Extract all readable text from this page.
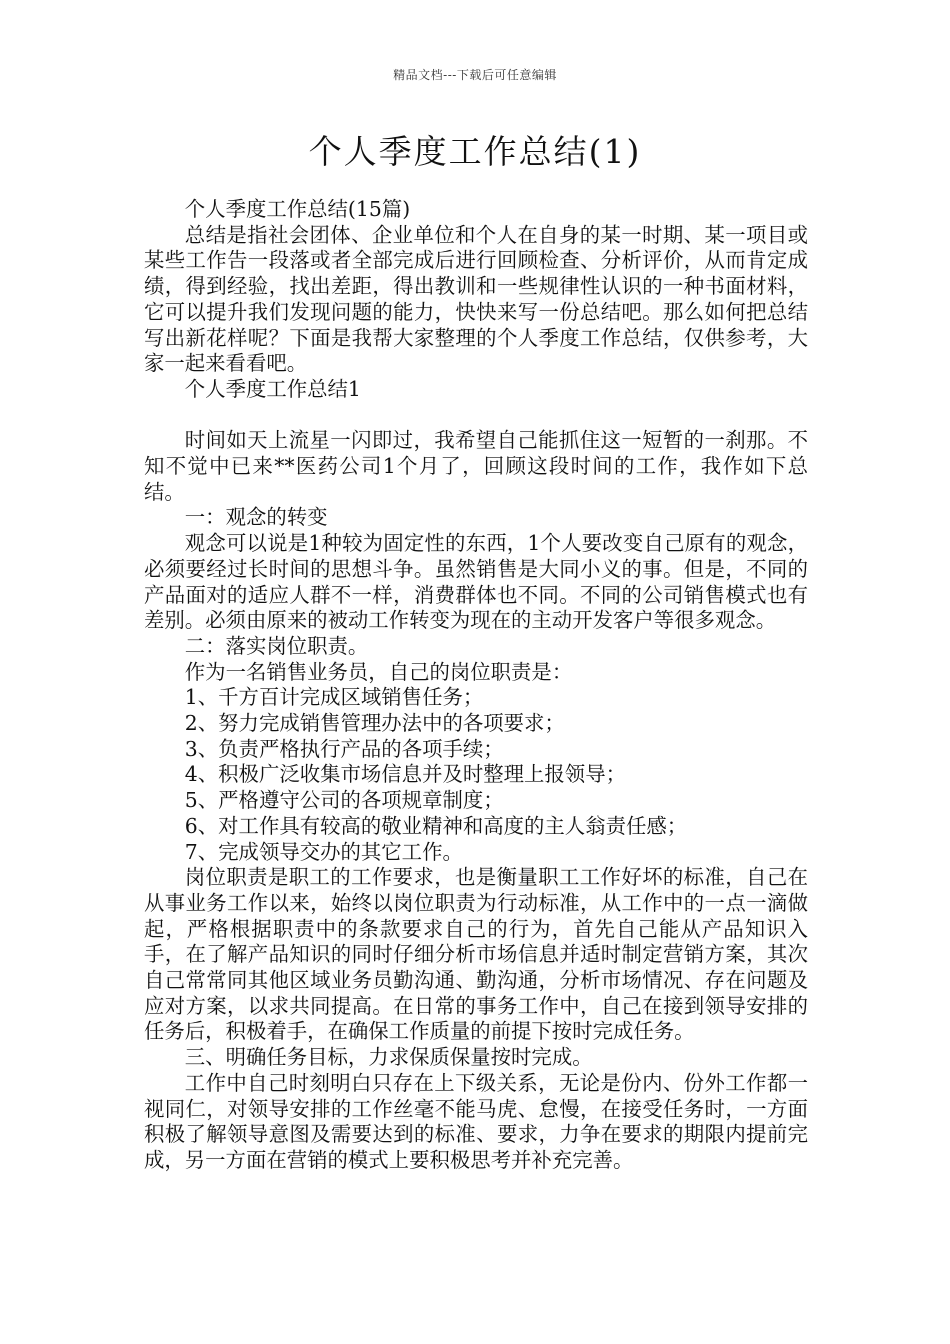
精品文档---下载后可任意编辑
个人季度工作总结(1)

个人季度工作总结(15篇)

总结是指社会团体、企业单位和个人在自身的某一时期、某一项目或某些工作告一段落或者全部完成后进行回顾检查、分析评价，从而肯定成绩，得到经验，找出差距，得出教训和一些规律性认识的一种书面材料，它可以提升我们发现问题的能力，快快来写一份总结吧。那么如何把总结写出新花样呢？下面是我帮大家整理的个人季度工作总结，仅供参考，大家一起来看看吧。

个人季度工作总结1

时间如天上流星一闪即过，我希望自己能抓住这一短暂的一刹那。不知不觉中已来**医药公司1个月了，回顾这段时间的工作，我作如下总结。

一：观念的转变

观念可以说是1种较为固定性的东西，1个人要改变自己原有的观念，必须要经过长时间的思想斗争。虽然销售是大同小义的事。但是，不同的产品面对的适应人群不一样，消费群体也不同。不同的公司销售模式也有差别。必须由原来的被动工作转变为现在的主动开发客户等很多观念。

二：落实岗位职责。

作为一名销售业务员，自己的岗位职责是：

1、千方百计完成区域销售任务；

2、努力完成销售管理办法中的各项要求；

3、负责严格执行产品的各项手续；

4、积极广泛收集市场信息并及时整理上报领导；

5、严格遵守公司的各项规章制度；

6、对工作具有较高的敬业精神和高度的主人翁责任感；

7、完成领导交办的其它工作。

岗位职责是职工的工作要求，也是衡量职工工作好坏的标准，自己在从事业务工作以来，始终以岗位职责为行动标准，从工作中的一点一滴做起，严格根据职责中的条款要求自己的行为，首先自己能从产品知识入手，在了解产品知识的同时仔细分析市场信息并适时制定营销方案，其次自己常常同其他区域业务员勤沟通、勤沟通，分析市场情况、存在问题及应对方案，以求共同提高。在日常的事务工作中，自己在接到领导安排的任务后，积极着手，在确保工作质量的前提下按时完成任务。

三、明确任务目标，力求保质保量按时完成。

工作中自己时刻明白只存在上下级关系，无论是份内、份外工作都一视同仁，对领导安排的工作丝毫不能马虎、怠慢，在接受任务时，一方面积极了解领导意图及需要达到的标准、要求，力争在要求的期限内提前完成，另一方面在营销的模式上要积极思考并补充完善。
